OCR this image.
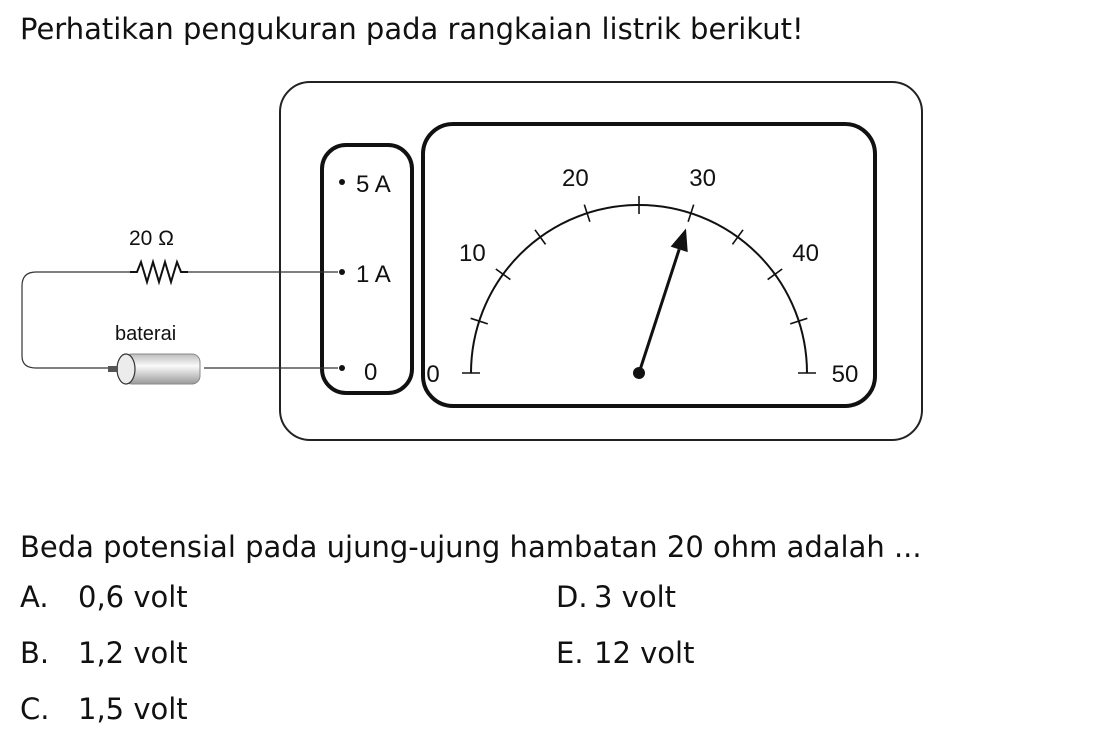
Perhatikan pengukuran pada rangkaian listrik berikut!
5 A
1 A
0
20 Ω
baterai
0
10
20	30
40
50
Beda potensial pada ujung-ujung hambatan 20 ohm adalah ...
A. 0,6 volt
B. 1,2 volt
C. 1,5 volt
D. 3 volt
E. 12 volt
